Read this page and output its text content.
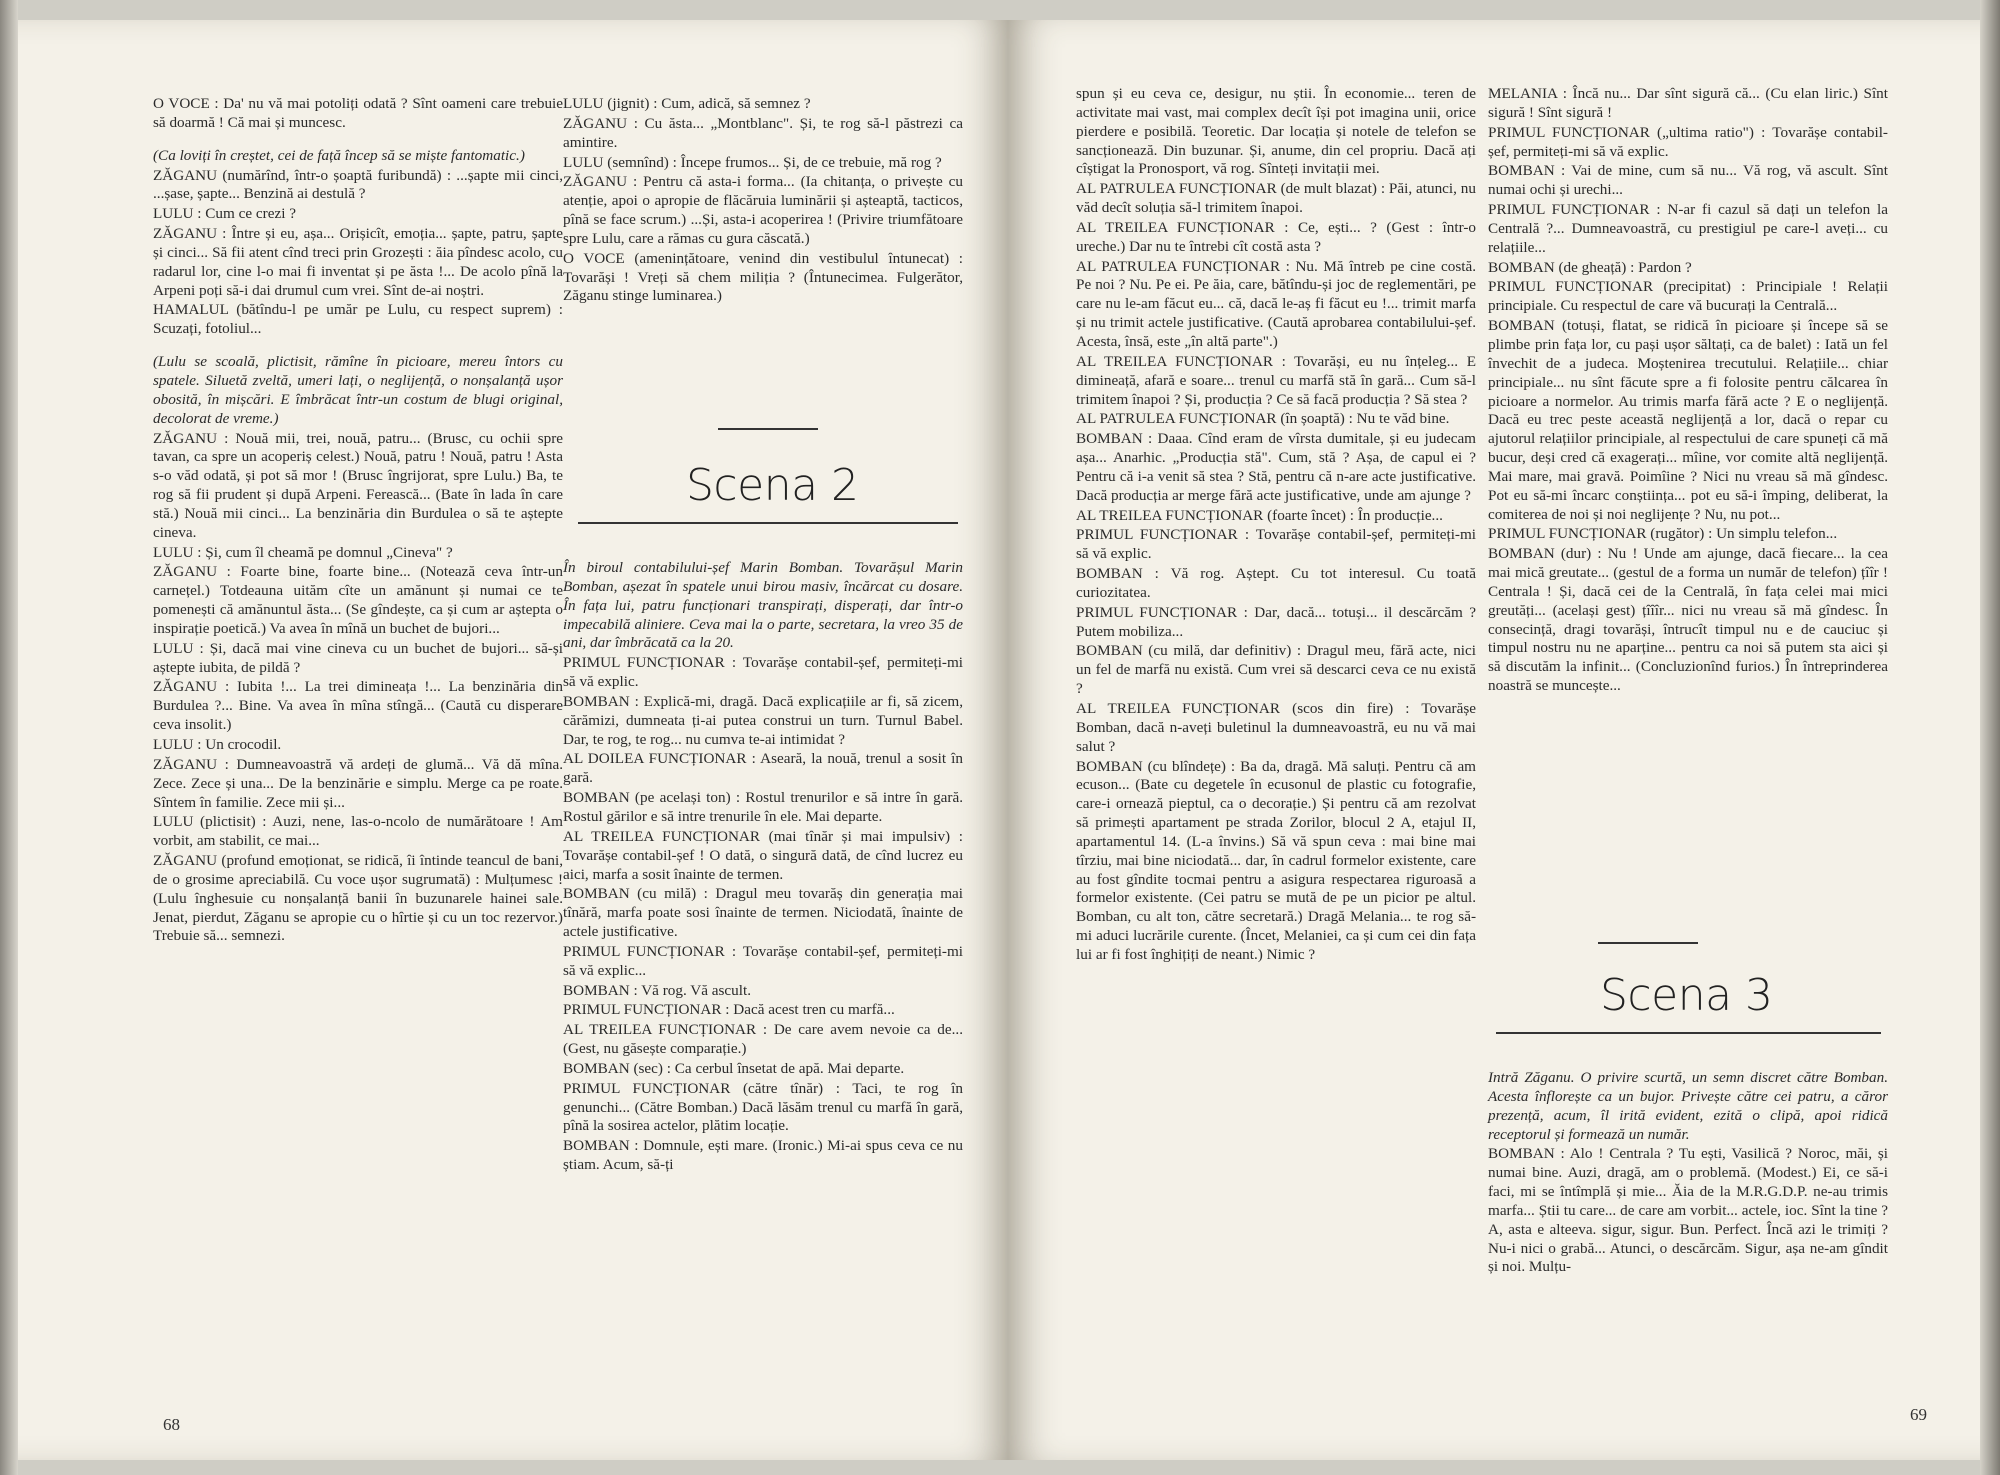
O VOCE : Da' nu vă mai potoliți odată ? Sînt oameni care trebuie să doarmă ! Că mai și muncesc.

(Ca loviți în creștet, cei de față încep să se miște fantomatic.)

ZĂGANU (numărînd, într-o șoaptă furibundă) : ...șapte mii cinci, ...șase, șapte... Benzină ai destulă ?

LULU : Cum ce crezi ?

ZĂGANU : Între și eu, așa... Orișicît, emoția... șapte, patru, șapte și cinci... Să fii atent cînd treci prin Grozești : ăia pîndesc acolo, cu radarul lor, cine l-o mai fi inventat și pe ăsta !... De acolo pînă la Arpeni poți să-i dai drumul cum vrei. Sînt de-ai noștri.

HAMALUL (bătîndu-l pe umăr pe Lulu, cu respect suprem) : Scuzați, fotoliul...

(Lulu se scoală, plictisit, rămîne în picioare, mereu întors cu spatele. Siluetă zveltă, umeri lați, o neglijență, o nonșalanță ușor obosită, în mișcări. E îmbrăcat într-un costum de blugi original, decolorat de vreme.)

ZĂGANU : Nouă mii, trei, nouă, patru... (Brusc, cu ochii spre tavan, ca spre un acoperiș celest.) Nouă, patru ! Nouă, patru ! Asta s-o văd odată, și pot să mor ! (Brusc îngrijorat, spre Lulu.) Ba, te rog să fii prudent și după Arpeni. Ferească... (Bate în lada în care stă.) Nouă mii cinci... La benzinăria din Burdulea o să te aștepte cineva.

LULU : Și, cum îl cheamă pe domnul „Cineva" ?

ZĂGANU : Foarte bine, foarte bine... (Notează ceva într-un carnețel.) Totdeauna uităm cîte un amănunt și numai ce te pomenești că amănuntul ăsta... (Se gîndește, ca și cum ar aștepta o inspirație poetică.) Va avea în mînă un buchet de bujori...

LULU : Și, dacă mai vine cineva cu un buchet de bujori... să-și aștepte iubita, de pildă ?

ZĂGANU : Iubita !... La trei dimineața !... La benzinăria din Burdulea ?... Bine. Va avea în mîna stîngă... (Caută cu disperare ceva insolit.)

LULU : Un crocodil.

ZĂGANU : Dumneavoastră vă ardeți de glumă... Vă dă mîna. Zece. Zece și una... De la benzinărie e simplu. Merge ca pe roate. Sîntem în familie. Zece mii și...

LULU (plictisit) : Auzi, nene, las-o-ncolo de numărătoare ! Am vorbit, am stabilit, ce mai...

ZĂGANU (profund emoționat, se ridică, îi întinde teancul de bani, de o grosime apreciabilă. Cu voce ușor sugrumată) : Mulțumesc ! (Lulu înghesuie cu nonșalanță banii în buzunarele hainei sale. Jenat, pierdut, Zăganu se apropie cu o hîrtie și cu un toc rezervor.) Trebuie să... semnezi.

LULU (jignit) : Cum, adică, să semnez ?

ZĂGANU : Cu ăsta... „Montblanc". Și, te rog să-l păstrezi ca amintire.

LULU (semnînd) : Începe frumos... Și, de ce trebuie, mă rog ?

ZĂGANU : Pentru că asta-i forma... (Ia chitanța, o privește cu atenție, apoi o apropie de flăcăruia luminării și așteaptă, tacticos, pînă se face scrum.) ...Și, asta-i acoperirea ! (Privire triumfătoare spre Lulu, care a rămas cu gura căscată.)

O VOCE (amenințătoare, venind din vestibulul întunecat) : Tovarăși ! Vreți să chem miliția ? (Întunecimea. Fulgerător, Zăganu stinge luminarea.)

Scena 2

În biroul contabilului-șef Marin Bomban. Tovarășul Marin Bomban, așezat în spatele unui birou masiv, încărcat cu dosare. În fața lui, patru funcționari transpirați, disperați, dar într-o impecabilă aliniere. Ceva mai la o parte, secretara, la vreo 35 de ani, dar îmbrăcată ca la 20.

PRIMUL FUNCȚIONAR : Tovarășe contabil-șef, permiteți-mi să vă explic.

BOMBAN : Explică-mi, dragă. Dacă explicațiile ar fi, să zicem, cărămizi, dumneata ți-ai putea construi un turn. Turnul Babel. Dar, te rog, te rog... nu cumva te-ai intimidat ?

AL DOILEA FUNCȚIONAR : Aseară, la nouă, trenul a sosit în gară.

BOMBAN (pe același ton) : Rostul trenurilor e să intre în gară. Rostul gărilor e să intre trenurile în ele. Mai departe.

AL TREILEA FUNCȚIONAR (mai tînăr și mai impulsiv) : Tovarășe contabil-șef ! O dată, o singură dată, de cînd lucrez eu aici, marfa a sosit înainte de termen.

BOMBAN (cu milă) : Dragul meu tovarăș din generația mai tînără, marfa poate sosi înainte de termen. Niciodată, înainte de actele justificative.

PRIMUL FUNCȚIONAR : Tovarășe contabil-șef, permiteți-mi să vă explic...

BOMBAN : Vă rog. Vă ascult.

PRIMUL FUNCȚIONAR : Dacă acest tren cu marfă...

AL TREILEA FUNCȚIONAR : De care avem nevoie ca de... (Gest, nu găsește comparație.)

BOMBAN (sec) : Ca cerbul însetat de apă. Mai departe.

PRIMUL FUNCȚIONAR (către tînăr) : Taci, te rog în genunchi... (Către Bomban.) Dacă lăsăm trenul cu marfă în gară, pînă la sosirea actelor, plătim locație.

BOMBAN : Domnule, ești mare. (Ironic.) Mi-ai spus ceva ce nu știam. Acum, să-ți

68

spun și eu ceva ce, desigur, nu știi. În economie... teren de activitate mai vast, mai complex decît își pot imagina unii, orice pierdere e posibilă. Teoretic. Dar locația și notele de telefon se sancționează. Din buzunar. Și, anume, din cel propriu. Dacă ați cîștigat la Pronosport, vă rog. Sînteți invitații mei.

AL PATRULEA FUNCȚIONAR (de mult blazat) : Păi, atunci, nu văd decît soluția să-l trimitem înapoi.

AL TREILEA FUNCȚIONAR : Ce, ești... ? (Gest : într-o ureche.) Dar nu te întrebi cît costă asta ?

AL PATRULEA FUNCȚIONAR : Nu. Mă întreb pe cine costă. Pe noi ? Nu. Pe ei. Pe ăia, care, bătîndu-și joc de reglementări, pe care nu le-am făcut eu... că, dacă le-aș fi făcut eu !... trimit marfa și nu trimit actele justificative. (Caută aprobarea contabilului-șef. Acesta, însă, este „în altă parte".)

AL TREILEA FUNCȚIONAR : Tovarăși, eu nu înțeleg... E dimineață, afară e soare... trenul cu marfă stă în gară... Cum să-l trimitem înapoi ? Și, producția ? Ce să facă producția ? Să stea ?

AL PATRULEA FUNCȚIONAR (în șoaptă) : Nu te văd bine.

BOMBAN : Daaa. Cînd eram de vîrsta dumitale, și eu judecam așa... Anarhic. „Producția stă". Cum, stă ? Așa, de capul ei ? Pentru că i-a venit să stea ? Stă, pentru că n-are acte justificative. Dacă producția ar merge fără acte justificative, unde am ajunge ?

AL TREILEA FUNCȚIONAR (foarte încet) : În producție...

PRIMUL FUNCȚIONAR : Tovarășe contabil-șef, permiteți-mi să vă explic.

BOMBAN : Vă rog. Aștept. Cu tot interesul. Cu toată curiozitatea.

PRIMUL FUNCȚIONAR : Dar, dacă... totuși... il descărcăm ? Putem mobiliza...

BOMBAN (cu milă, dar definitiv) : Dragul meu, fără acte, nici un fel de marfă nu există. Cum vrei să descarci ceva ce nu există ?

AL TREILEA FUNCȚIONAR (scos din fire) : Tovarășe Bomban, dacă n-aveți buletinul la dumneavoastră, eu nu vă mai salut ?

BOMBAN (cu blîndețe) : Ba da, dragă. Mă saluți. Pentru că am ecuson... (Bate cu degetele în ecusonul de plastic cu fotografie, care-i ornează pieptul, ca o decorație.) Și pentru că am rezolvat să primești apartament pe strada Zorilor, blocul 2 A, etajul II, apartamentul 14. (L-a învins.) Să vă spun ceva : mai bine mai tîrziu, mai bine niciodată... dar, în cadrul formelor existente, care au fost gîndite tocmai pentru a asigura respectarea riguroasă a formelor existente. (Cei patru se mută de pe un picior pe altul. Bomban, cu alt ton, către secretară.) Dragă Melania... te rog să-mi aduci lucrările curente. (Încet, Melaniei, ca și cum cei din fața lui ar fi fost înghițiți de neant.) Nimic ?

MELANIA : Încă nu... Dar sînt sigură că... (Cu elan liric.) Sînt sigură ! Sînt sigură !

PRIMUL FUNCȚIONAR („ultima ratio") : Tovarășe contabil-șef, permiteți-mi să vă explic.

BOMBAN : Vai de mine, cum să nu... Vă rog, vă ascult. Sînt numai ochi și urechi...

PRIMUL FUNCȚIONAR : N-ar fi cazul să dați un telefon la Centrală ?... Dumneavoastră, cu prestigiul pe care-l aveți... cu relațiile...

BOMBAN (de gheață) : Pardon ?

PRIMUL FUNCȚIONAR (precipitat) : Principiale ! Relații principiale. Cu respectul de care vă bucurați la Centrală...

BOMBAN (totuși, flatat, se ridică în picioare și începe să se plimbe prin fața lor, cu pași ușor săltați, ca de balet) : Iată un fel învechit de a judeca. Moștenirea trecutului. Relațiile... chiar principiale... nu sînt făcute spre a fi folosite pentru călcarea în picioare a normelor. Au trimis marfa fără acte ? E o neglijență. Dacă eu trec peste această neglijență a lor, dacă o repar cu ajutorul relațiilor principiale, al respectului de care spuneți că mă bucur, deși cred că exagerați... mîine, vor comite altă neglijență. Mai mare, mai gravă. Poimîine ? Nici nu vreau să mă gîndesc. Pot eu să-mi încarc conștiința... pot eu să-i împing, deliberat, la comiterea de noi și noi neglijențe ? Nu, nu pot...

PRIMUL FUNCȚIONAR (rugător) : Un simplu telefon...

BOMBAN (dur) : Nu ! Unde am ajunge, dacă fiecare... la cea mai mică greutate... (gestul de a forma un număr de telefon) țîîr ! Centrala ! Și, dacă cei de la Centrală, în fața celei mai mici greutăți... (același gest) țîîîr... nici nu vreau să mă gîndesc. În consecință, dragi tovarăși, întrucît timpul nu e de cauciuc și timpul nostru nu ne aparține... pentru ca noi să putem sta aici și să discutăm la infinit... (Concluzionînd furios.) În întreprinderea noastră se muncește...

Scena 3

Intră Zăganu. O privire scurtă, un semn discret către Bomban. Acesta înflorește ca un bujor. Privește către cei patru, a căror prezență, acum, îl irită evident, ezită o clipă, apoi ridică receptorul și formează un număr.

BOMBAN : Alo ! Centrala ? Tu ești, Vasilică ? Noroc, măi, și numai bine. Auzi, dragă, am o problemă. (Modest.) Ei, ce să-i faci, mi se întîmplă și mie... Ăia de la M.R.G.D.P. ne-au trimis marfa... Știi tu care... de care am vorbit... actele, ioc. Sînt la tine ? A, asta e alteeva. sigur, sigur. Bun. Perfect. Încă azi le trimiți ? Nu-i nici o grabă... Atunci, o descărcăm. Sigur, așa ne-am gîndit și noi. Mulțu-

69
